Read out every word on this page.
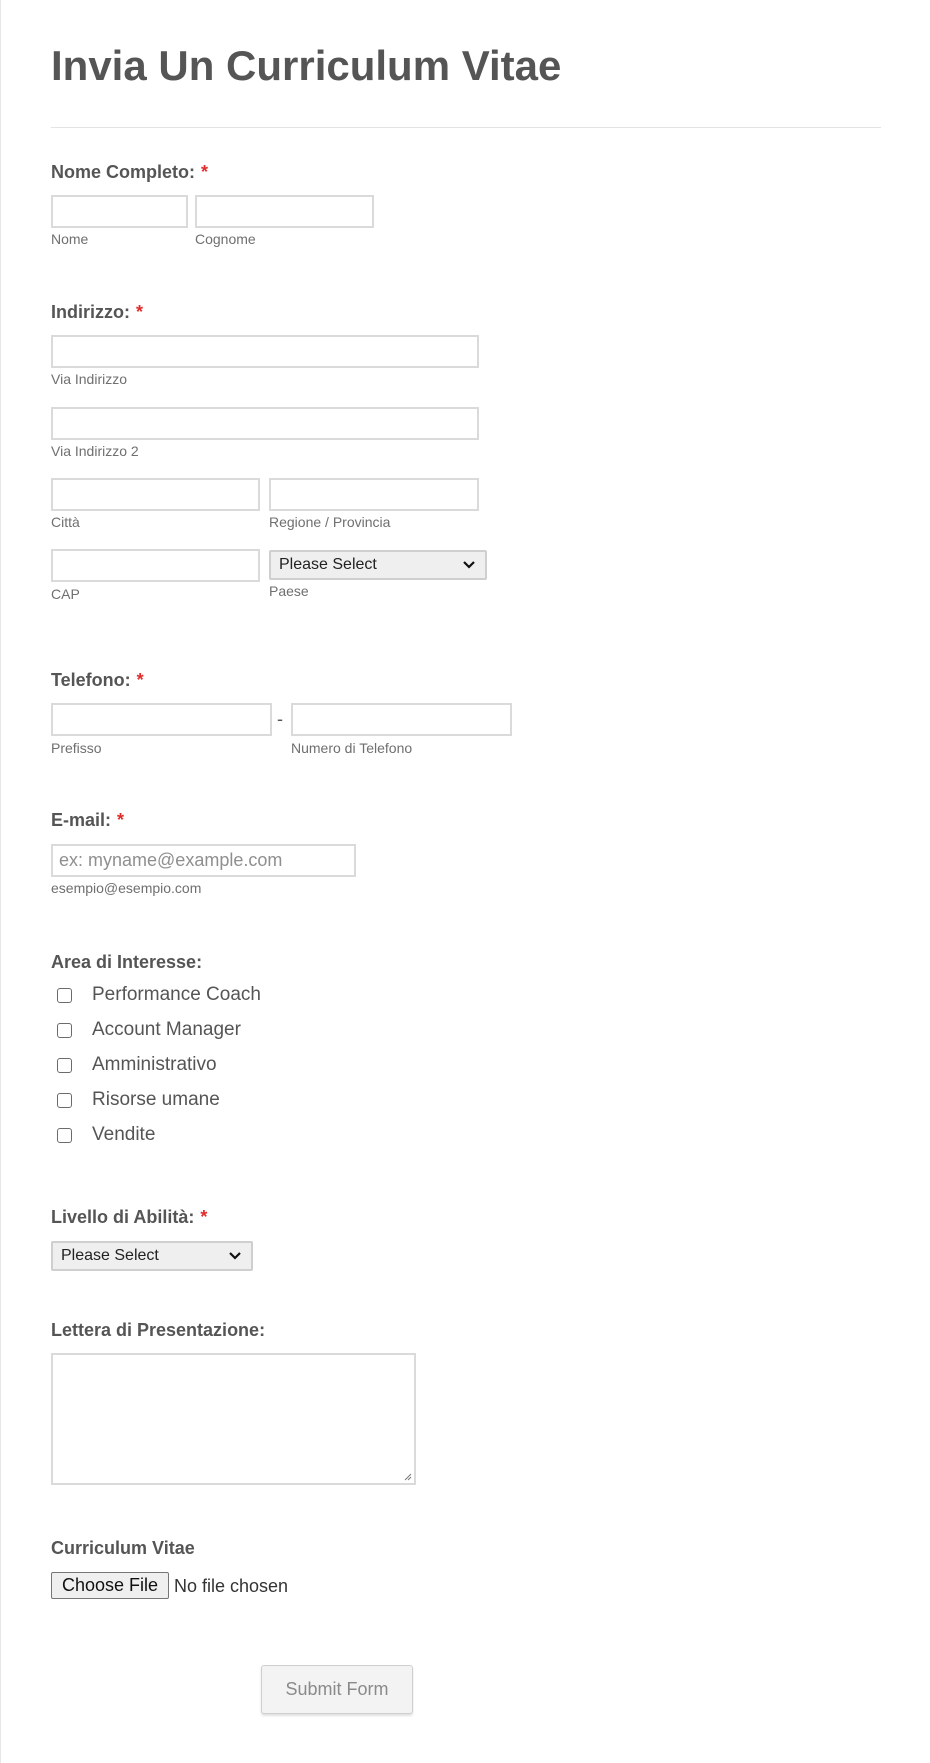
Invia Un Curriculum Vitae
Nome Completo: *
Nome	Cognome
Indirizzo: *
Via Indirizzo
Via Indirizzo 2
Città	Regione / Provincia
Please Select
CAP	Paese
Telefono: *
-
Prefisso	Numero di Telefono
E-mail: *
ex: myname@example.com
esempio@esempio.com
Area di Interesse:
Performance Coach
Account Manager
Amministrativo
Risorse umane
Vendite
Livello di Abilità: *
Please Select
Lettera di Presentazione:
Curriculum Vitae
Choose File No file chosen
Submit Form
